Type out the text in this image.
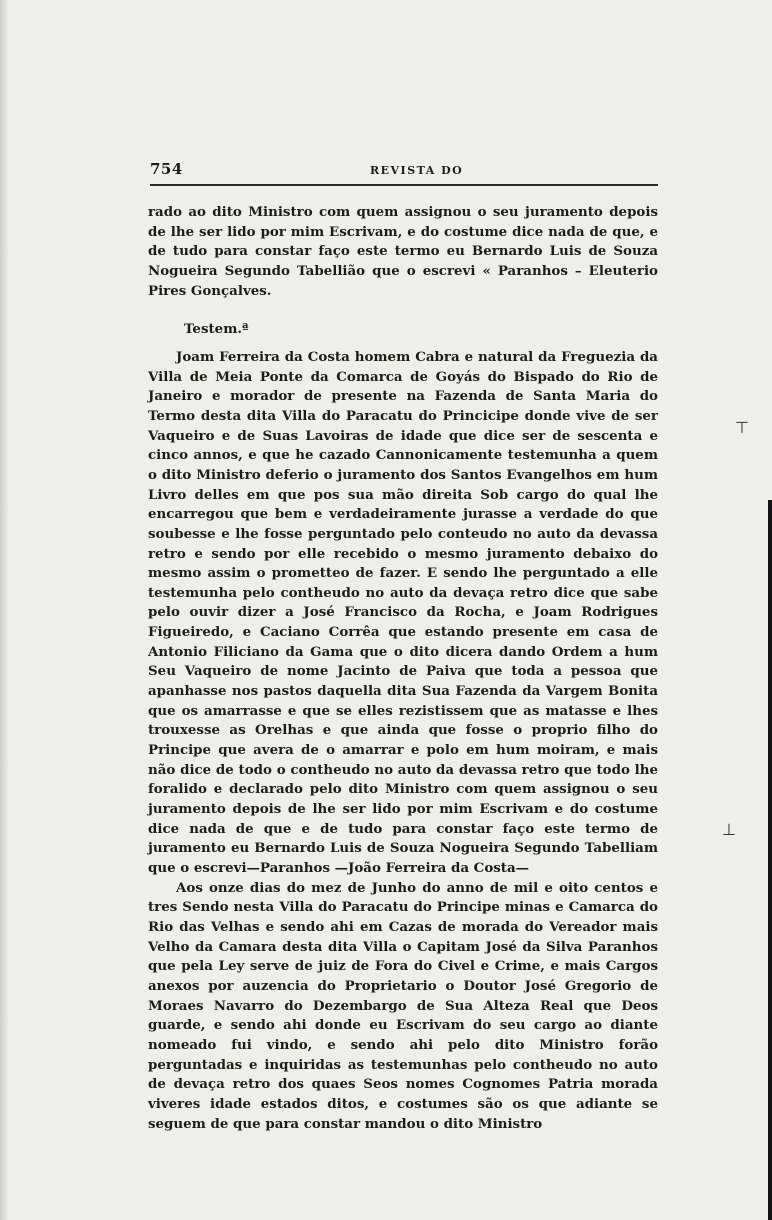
754	REVISTA DO

rado ao dito Ministro com quem assignou o seu juramento depois de lhe ser lido por mim Escrivam, e do costume dice nada de que, e de tudo para constar faço este termo eu Bernardo Luis de Souza Nogueira Segundo Tabellião que o escrevi « Paranhos – Eleuterio Pires Gonçalves.

Testem.ª

Joam Ferreira da Costa homem Cabra e natural da Freguezia da Villa de Meia Ponte da Comarca de Goyás do Bispado do Rio de Janeiro e morador de presente na Fazenda de Santa Maria do Termo desta dita Villa do Paracatu do Princicipe donde vive de ser Vaqueiro e de Suas Lavoiras de idade que dice ser de sescenta e cinco annos, e que he cazado Cannonicamente testemunha a quem o dito Ministro deferio o juramento dos Santos Evangelhos em hum Livro delles em que pos sua mão direita Sob cargo do qual lhe encarregou que bem e verdadeiramente jurasse a verdade do que soubesse e lhe fosse perguntado pelo conteudo no auto da devassa retro e sendo por elle recebido o mesmo juramento debaixo do mesmo assim o prometteo de fazer. E sendo lhe perguntado a elle testemunha pelo contheudo no auto da devaça retro dice que sabe pelo ouvir dizer a José Francisco da Rocha, e Joam Rodrigues Figueiredo, e Caciano Corrêa que estando presente em casa de Antonio Filiciano da Gama que o dito dicera dando Ordem a hum Seu Vaqueiro de nome Jacinto de Paiva que toda a pessoa que apanhasse nos pastos daquella dita Sua Fazenda da Vargem Bonita que os amarrasse e que se elles rezistissem que as matasse e lhes trouxesse as Orelhas e que ainda que fosse o proprio filho do Principe que avera de o amarrar e polo em hum moiram, e mais não dice de todo o contheudo no auto da devassa retro que todo lhe foralido e declarado pelo dito Ministro com quem assignou o seu juramento depois de lhe ser lido por mim Escrivam e do costume dice nada de que e de tudo para constar faço este termo de juramento eu Bernardo Luis de Souza Nogueira Segundo Tabelliam que o escrevi—Paranhos —João Ferreira da Costa—

Aos onze dias do mez de Junho do anno de mil e oito centos e tres Sendo nesta Villa do Paracatu do Principe minas e Camarca do Rio das Velhas e sendo ahi em Cazas de morada do Vereador mais Velho da Camara desta dita Villa o Capitam José da Silva Paranhos que pela Ley serve de juiz de Fora do Civel e Crime, e mais Cargos anexos por auzencia do Proprietario o Doutor José Gregorio de Moraes Navarro do Dezembargo de Sua Alteza Real que Deos guarde, e sendo ahi donde eu Escrivam do seu cargo ao diante nomeado fui vindo, e sendo ahi pelo dito Ministro forão perguntadas e inquiridas as testemunhas pelo contheudo no auto de devaça retro dos quaes Seos nomes Cognomes Patria morada viveres idade estados ditos, e costumes são os que adiante se seguem de que para constar mandou o dito Ministro

⊤
⊥
